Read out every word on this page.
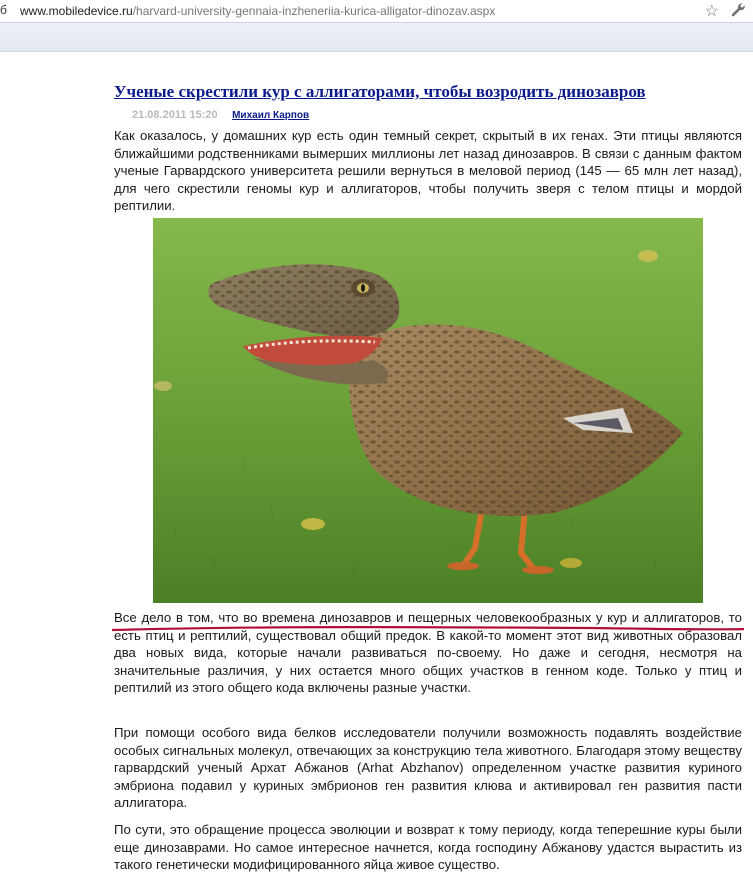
б www.mobiledevice.ru/harvard-university-gennaia-inzheneriia-kurica-alligator-dinozav.aspx	☆
Ученые скрестили кур с аллигаторами, чтобы возродить динозавров
21.08.2011 15:20 Михаил Карпов

Как оказалось, у домашних кур есть один темный секрет, скрытый в их генах. Эти птицы являются ближайшими родственниками вымерших миллионы лет назад динозавров. В связи с данным фактом ученые Гарвардского университета решили вернуться в меловой период (145 — 65 млн лет назад), для чего скрестили геномы кур и аллигаторов, чтобы получить зверя с телом птицы и мордой рептилии.

Все дело в том, что во времена динозавров и пещерных человекообразных у кур и аллигаторов, то есть птиц и рептилий, существовал общий предок. В какой-то момент этот вид животных образовал два новых вида, которые начали развиваться по-своему. Но даже и сегодня, несмотря на значительные различия, у них остается много общих участков в генном коде. Только у птиц и рептилий из этого общего кода включены разные участки.

При помощи особого вида белков исследователи получили возможность подавлять воздействие особых сигнальных молекул, отвечающих за конструкцию тела животного. Благодаря этому веществу гарвардский ученый Архат Абжанов (Arhat Abzhanov) определенном участке развития куриного эмбриона подавил у куриных эмбрионов ген развития клюва и активировал ген развития пасти аллигатора.

По сути, это обращение процесса эволюции и возврат к тому периоду, когда теперешние куры были еще динозаврами. Но самое интересное начнется, когда господину Абжанову удастся вырастить из такого генетически модифицированного яйца живое существо.
